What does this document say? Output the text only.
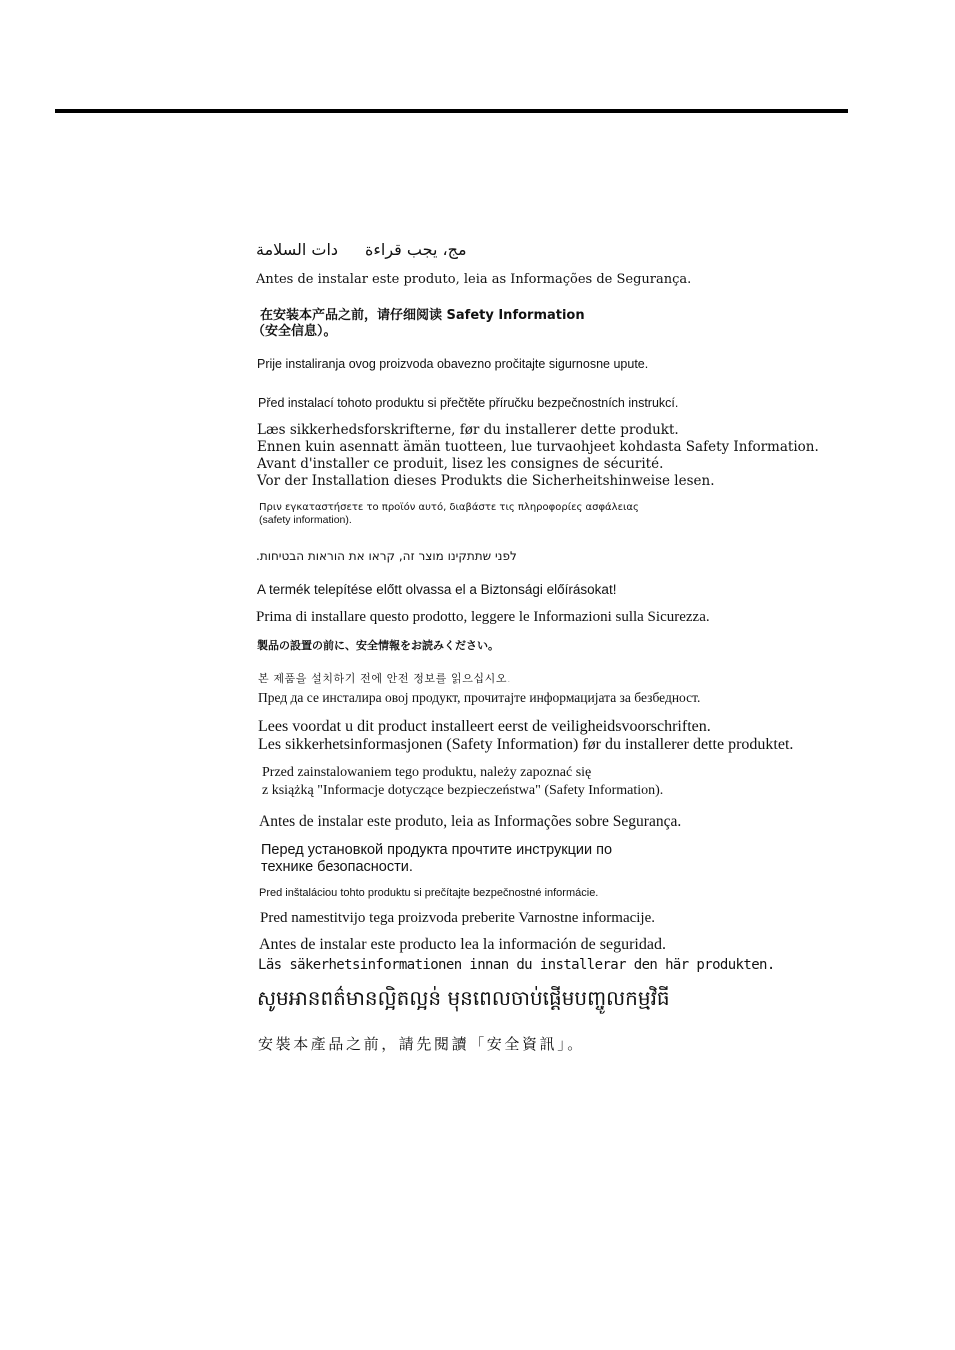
مج، يجب قراءة
دات السلامة
Antes de instalar este produto, leia as Informações de Segurança.
在安装本产品之前，请仔细阅读 Safety Information
（安全信息）。
Prije instaliranja ovog proizvoda obavezno pročitajte sigurnosne upute.
Před instalací tohoto produktu si přečtěte příručku bezpečnostních instrukcí.
Læs sikkerhedsforskrifterne, før du installerer dette produkt.
Ennen kuin asennatt ämän tuotteen, lue turvaohjeet kohdasta Safety Information.
Avant d'installer ce produit, lisez les consignes de sécurité.
Vor der Installation dieses Produkts die Sicherheitshinweise lesen.
Πριν εγκαταστήσετε το προϊόν αυτό, διαβάστε τις πληροφορίες ασφάλειας
(safety information).
לפני שתתקינו מוצר זה, קראו את הוראות הבטיחות.
A termék telepítése előtt olvassa el a Biztonsági előírásokat!
Prima di installare questo prodotto, leggere le Informazioni sulla Sicurezza.
製品の設置の前に、安全情報をお読みください。
본 제품을 설치하기 전에 안전 정보를 읽으십시오.
Пред да се инсталира овој продукт, прочитајте информацијата за безбедност.
Lees voordat u dit product installeert eerst de veiligheidsvoorschriften.
Les sikkerhetsinformasjonen (Safety Information) før du installerer dette produktet.
Przed zainstalowaniem tego produktu, należy zapoznać się
z książką "Informacje dotyczące bezpieczeństwa" (Safety Information).
Antes de instalar este produto, leia as Informações sobre Segurança.
Перед установкой продукта прочтите инструкции по
технике безопасности.
Pred inštaláciou tohto produktu si prečítajte bezpečnostné informácie.
Pred namestitvijo tega proizvoda preberite Varnostne informacije.
Antes de instalar este producto lea la información de seguridad.
Läs säkerhetsinformationen innan du installerar den här produkten.
សូមអានពត៌មានល្អិតល្អន់ មុនពេលចាប់ផ្តើមបញ្ចូលកម្មវិធី
安裝本產品之前，請先閱讀「安全資訊」。
